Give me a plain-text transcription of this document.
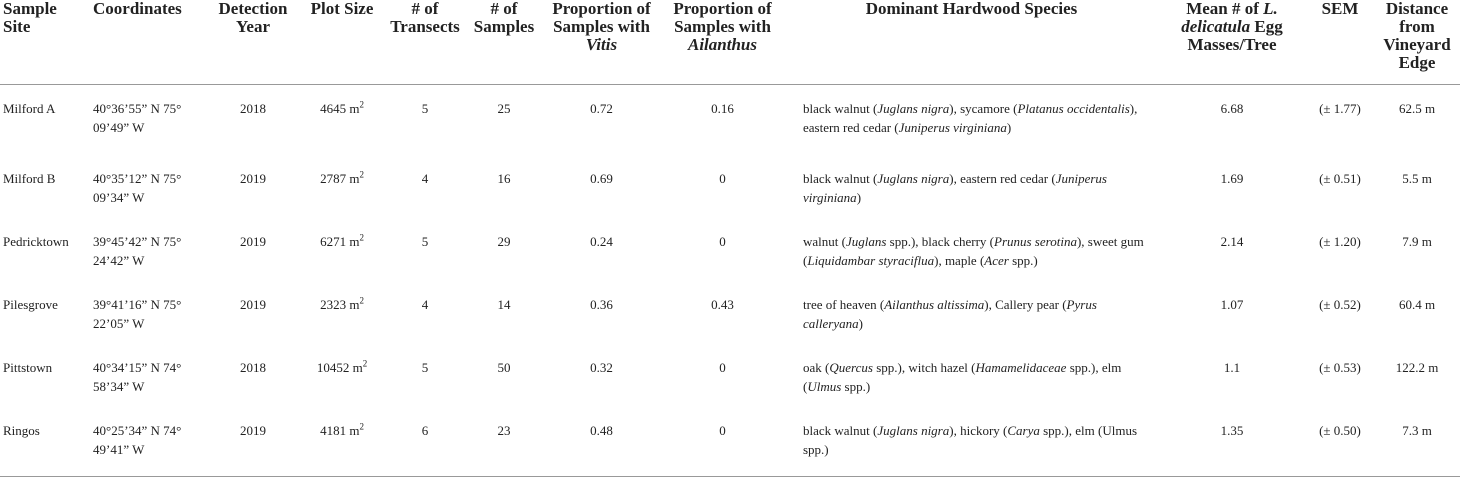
Sample Site	Coordinates	Detection Year	Plot Size	# of Transects	# of Samples	Proportion of Samples with Vitis	Proportion of Samples with Ailanthus	Dominant Hardwood Species	Mean # of L. delicatula Egg Masses/Tree	SEM	Distance from Vineyard Edge
Milford A	40°36’55” N 75° 09’49” W	2018	4645 $m^2$	5	25	0.72	0.16	black walnut (Juglans nigra), sycamore (Platanus occidentalis), eastern red cedar (Juniperus virginiana)	6.68	(± 1.77)	62.5 m
Milford B	40°35’12” N 75° 09’34” W	2019	2787 $m^2$	4	16	0.69	0	black walnut (Juglans nigra), eastern red cedar (Juniperus virginiana)	1.69	(± 0.51)	5.5 m
Pedricktown	39°45’42” N 75° 24’42” W	2019	6271 $m^2$	5	29	0.24	0	walnut (Juglans spp.), black cherry (Prunus serotina), sweet gum (Liquidambar styraciflua), maple (Acer spp.)	2.14	(± 1.20)	7.9 m
Pilesgrove	39°41’16” N 75° 22’05” W	2019	2323 $m^2$	4	14	0.36	0.43	tree of heaven (Ailanthus altissima), Callery pear (Pyrus calleryana)	1.07	(± 0.52)	60.4 m
Pittstown	40°34’15” N 74° 58’34” W	2018	10452 $m^2$	5	50	0.32	0	oak (Quercus spp.), witch hazel (Hamamelidaceae spp.), elm (Ulmus spp.)	1.1	(± 0.53)	122.2 m
Ringos	40°25’34” N 74° 49’41” W	2019	4181 $m^2$	6	23	0.48	0	black walnut (Juglans nigra), hickory (Carya spp.), elm (Ulmus spp.)	1.35	(± 0.50)	7.3 m
